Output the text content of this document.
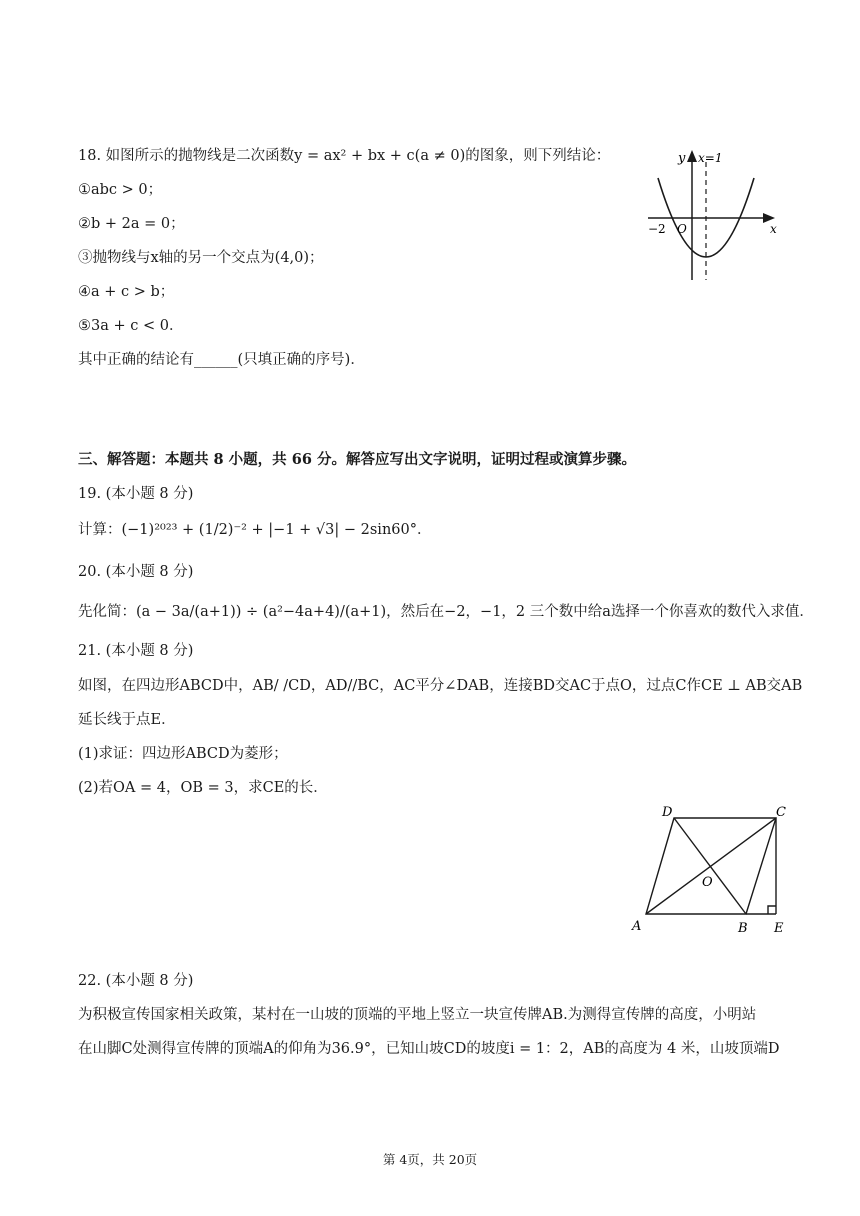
18. 如图所示的抛物线是二次函数y = ax² + bx + c(a ≠ 0)的图象，则下列结论：
①abc > 0；
②b + 2a = 0；
③抛物线与x轴的另一个交点为(4,0)；
④a + c > b；
⑤3a + c < 0．
其中正确的结论有______(只填正确的序号)．
y x=1
−2 O	x
三、解答题：本题共 8 小题，共 66 分。解答应写出文字说明，证明过程或演算步骤。
19. (本小题 8 分)
计算：(−1)²⁰²³ + (1/2)⁻² + |−1 + √3| − 2sin60°．
20. (本小题 8 分)
先化简：(a − 3a/(a+1)) ÷ (a²−4a+4)/(a+1)，然后在−2，−1，2 三个数中给a选择一个你喜欢的数代入求值．
21. (本小题 8 分)
如图，在四边形ABCD中，AB/ /CD，AD//BC，AC平分∠DAB，连接BD交AC于点O，过点C作CE ⊥ AB交AB
延长线于点E．
(1)求证：四边形ABCD为菱形；
(2)若OA = 4，OB = 3，求CE的长．
D	C
O
A	B E
22. (本小题 8 分)
为积极宣传国家相关政策，某村在一山坡的顶端的平地上竖立一块宣传牌AB.为测得宣传牌的高度，小明站
在山脚C处测得宣传牌的顶端A的仰角为36.9°，已知山坡CD的坡度i = 1：2，AB的高度为 4 米，山坡顶端D
第 4页，共 20页
